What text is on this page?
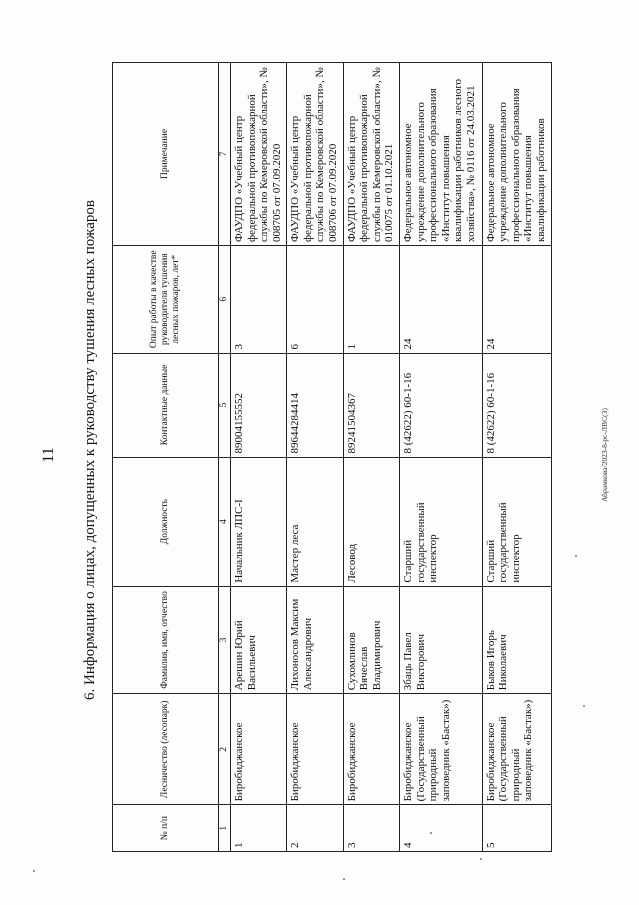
11	6. Информация о лицах, допущенных к руководству тушения лесных пожаров
№ п/п	Лесничество (лесопарк)	Фамилия, имя, отчество	Должность	Контактные данные	Опыт работы в качестве руководителя тушения лесных пожаров, лет*	Примечание
1	2	3	4	5	6	7
1	Биробиджанское	Арешин Юрий Васильевич	Начальник ЛПС-I	89004155552	3	ФАУДПО «Учебный центр федеральной противопожарной службы по Кемеровской области», № 008705 от 07.09.2020
2	Биробиджанское	Лихоносов Максим Александрович	Мастер леса	89644284414	6	ФАУДПО «Учебный центр федеральной противопожарной службы по Кемеровской области», № 008706 от 07.09.2020
3	Биробиджанское	Сухомлинов Вячеслав Владимирович	Лесовод	89241504367	1	ФАУДПО «Учебный центр федеральной противопожарной службы по Кемеровской области», № 010075 от 01.10.2021
4	Биробиджанское (Государственный природный заповедник «Бастак»)	Збаць Павел Викторович	Старший государственный инспектор	8 (42622) 60-1-16	24	Федеральное автономное учреждение дополнительного профессионального образования «Институт повышения квалификации работников лесного хозяйства», № 0116 от 24.03.2021
5	Биробиджанское (Государственный природный заповедник «Бастак»)	Быков Игорь Николаевич	Старший государственный инспектор	8 (42622) 60-1-16	24	Федеральное автономное учреждение дополнительного профессионального образования «Институт повышения квалификации работников
Абрамкова/2023-8-рс-ЛВС(3)
